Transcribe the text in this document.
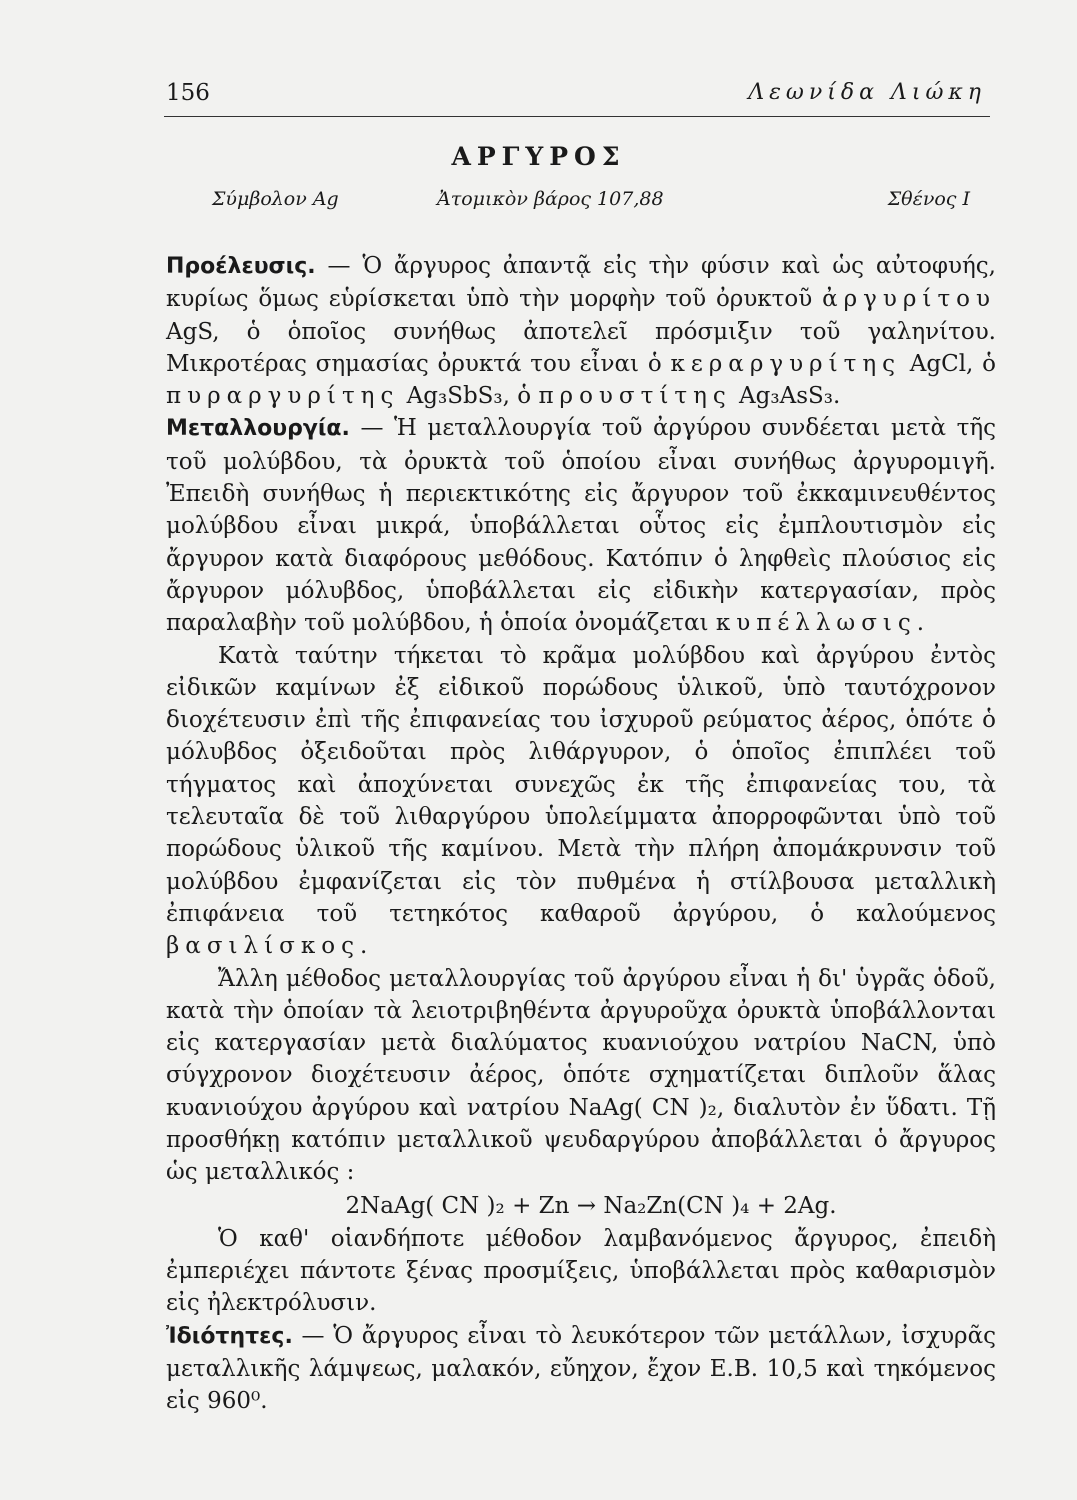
156	Λεωνίδα Λιώκη
ΑΡΓΥΡΟΣ
Σύμβολον Ag	Ἀτομικὸν βάρος 107,88	Σθένος I

Προέλευσις. — Ὁ ἄργυρος ἀπαντᾷ εἰς τὴν φύσιν καὶ ὡς αὐτοφυής, κυρίως ὅμως εὑρίσκεται ὑπὸ τὴν μορφὴν τοῦ ὀρυκτοῦ ἀργυρίτου AgS, ὁ ὁποῖος συνήθως ἀποτελεῖ πρόσμιξιν τοῦ γαληνίτου. Μικροτέρας σημασίας ὀρυκτά του εἶναι ὁ κεραργυρίτης AgCl, ὁ πυραργυρίτης Ag₃SbS₃, ὁ προυστίτης Ag₃AsS₃.

Μεταλλουργία. — Ἡ μεταλλουργία τοῦ ἀργύρου συνδέεται μετὰ τῆς τοῦ μολύβδου, τὰ ὀρυκτὰ τοῦ ὁποίου εἶναι συνήθως ἀργυρομιγῆ. Ἐπειδὴ συνήθως ἡ περιεκτικότης εἰς ἄργυρον τοῦ ἐκκαμινευθέντος μολύβδου εἶναι μικρά, ὑποβάλλεται οὗτος εἰς ἐμπλουτισμὸν εἰς ἄργυρον κατὰ διαφόρους μεθόδους. Κατόπιν ὁ ληφθεὶς πλούσιος εἰς ἄργυρον μόλυβδος, ὑποβάλλεται εἰς εἰδικὴν κατεργασίαν, πρὸς παραλαβὴν τοῦ μολύβδου, ἡ ὁποία ὀνομάζεται κυπέλλωσις.

Κατὰ ταύτην τήκεται τὸ κρᾶμα μολύβδου καὶ ἀργύρου ἐντὸς εἰδικῶν καμίνων ἐξ εἰδικοῦ πορώδους ὑλικοῦ, ὑπὸ ταυτόχρονον διοχέτευσιν ἐπὶ τῆς ἐπιφανείας του ἰσχυροῦ ρεύματος ἀέρος, ὁπότε ὁ μόλυβδος ὀξειδοῦται πρὸς λιθάργυρον, ὁ ὁποῖος ἐπιπλέει τοῦ τήγματος καὶ ἀποχύνεται συνεχῶς ἐκ τῆς ἐπιφανείας του, τὰ τελευταῖα δὲ τοῦ λιθαργύρου ὑπολείμματα ἀπορροφῶνται ὑπὸ τοῦ πορώδους ὑλικοῦ τῆς καμίνου. Μετὰ τὴν πλήρη ἀπομάκρυνσιν τοῦ μολύβδου ἐμφανίζεται εἰς τὸν πυθμένα ἡ στίλβουσα μεταλλικὴ ἐπιφάνεια τοῦ τετηκότος καθαροῦ ἀργύρου, ὁ καλούμενος βασιλίσκος.

Ἄλλη μέθοδος μεταλλουργίας τοῦ ἀργύρου εἶναι ἡ δι' ὑγρᾶς ὁδοῦ, κατὰ τὴν ὁποίαν τὰ λειοτριβηθέντα ἀργυροῦχα ὀρυκτὰ ὑποβάλλονται εἰς κατεργασίαν μετὰ διαλύματος κυανιούχου νατρίου NaCN, ὑπὸ σύγχρονον διοχέτευσιν ἀέρος, ὁπότε σχηματίζεται διπλοῦν ἅλας κυανιούχου ἀργύρου καὶ νατρίου NaAg( CN )₂, διαλυτὸν ἐν ὕδατι. Τῇ προσθήκῃ κατόπιν μεταλλικοῦ ψευδαργύρου ἀποβάλλεται ὁ ἄργυρος ὡς μεταλλικός :

2NaAg( CN )₂ + Zn → Na₂Zn(CN )₄ + 2Ag.

Ὁ καθ' οἱανδήποτε μέθοδον λαμβανόμενος ἄργυρος, ἐπειδὴ ἐμπεριέχει πάντοτε ξένας προσμίξεις, ὑποβάλλεται πρὸς καθαρισμὸν εἰς ἠλεκτρόλυσιν.

Ἰδιότητες. — Ὁ ἄργυρος εἶναι τὸ λευκότερον τῶν μετάλλων, ἰσχυρᾶς μεταλλικῆς λάμψεως, μαλακόν, εὔηχον, ἔχον Ε.Β. 10,5 καὶ τηκόμενος εἰς 960⁰.
